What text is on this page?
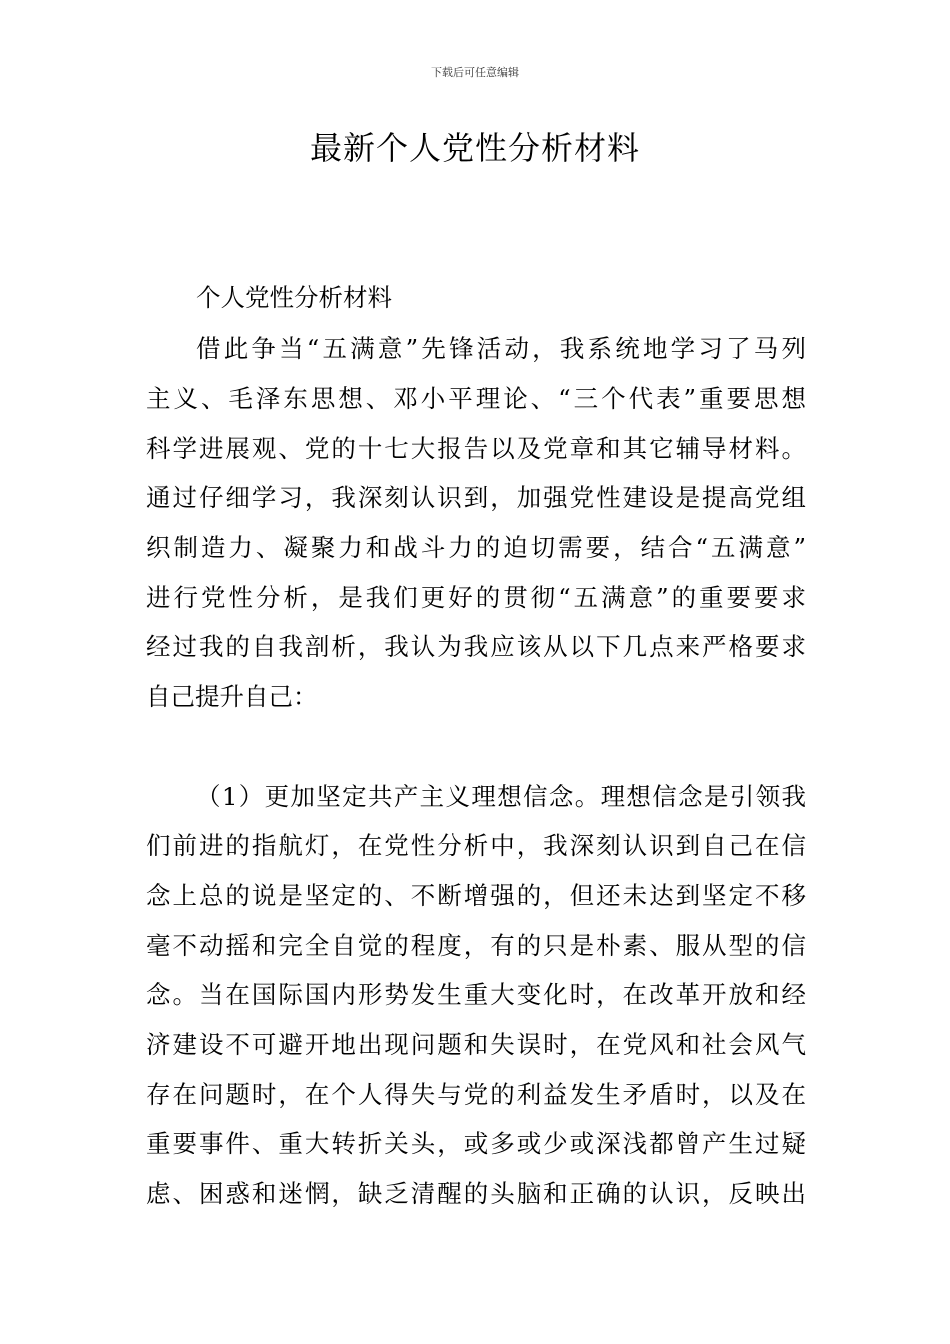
下载后可任意编辑
最新个人党性分析材料
个人党性分析材料
借此争当“五满意”先锋活动，我系统地学习了马列
主义、毛泽东思想、邓小平理论、“三个代表”重要思想
科学进展观、党的十七大报告以及党章和其它辅导材料。
通过仔细学习，我深刻认识到，加强党性建设是提高党组
织制造力、凝聚力和战斗力的迫切需要，结合“五满意”
进行党性分析，是我们更好的贯彻“五满意”的重要要求
经过我的自我剖析，我认为我应该从以下几点来严格要求
自己提升自己：
（1）更加坚定共产主义理想信念。理想信念是引领我
们前进的指航灯，在党性分析中，我深刻认识到自己在信
念上总的说是坚定的、不断增强的，但还未达到坚定不移
毫不动摇和完全自觉的程度，有的只是朴素、服从型的信
念。当在国际国内形势发生重大变化时，在改革开放和经
济建设不可避开地出现问题和失误时，在党风和社会风气
存在问题时，在个人得失与党的利益发生矛盾时，以及在
重要事件、重大转折关头，或多或少或深浅都曾产生过疑
虑、困惑和迷惘，缺乏清醒的头脑和正确的认识，反映出
